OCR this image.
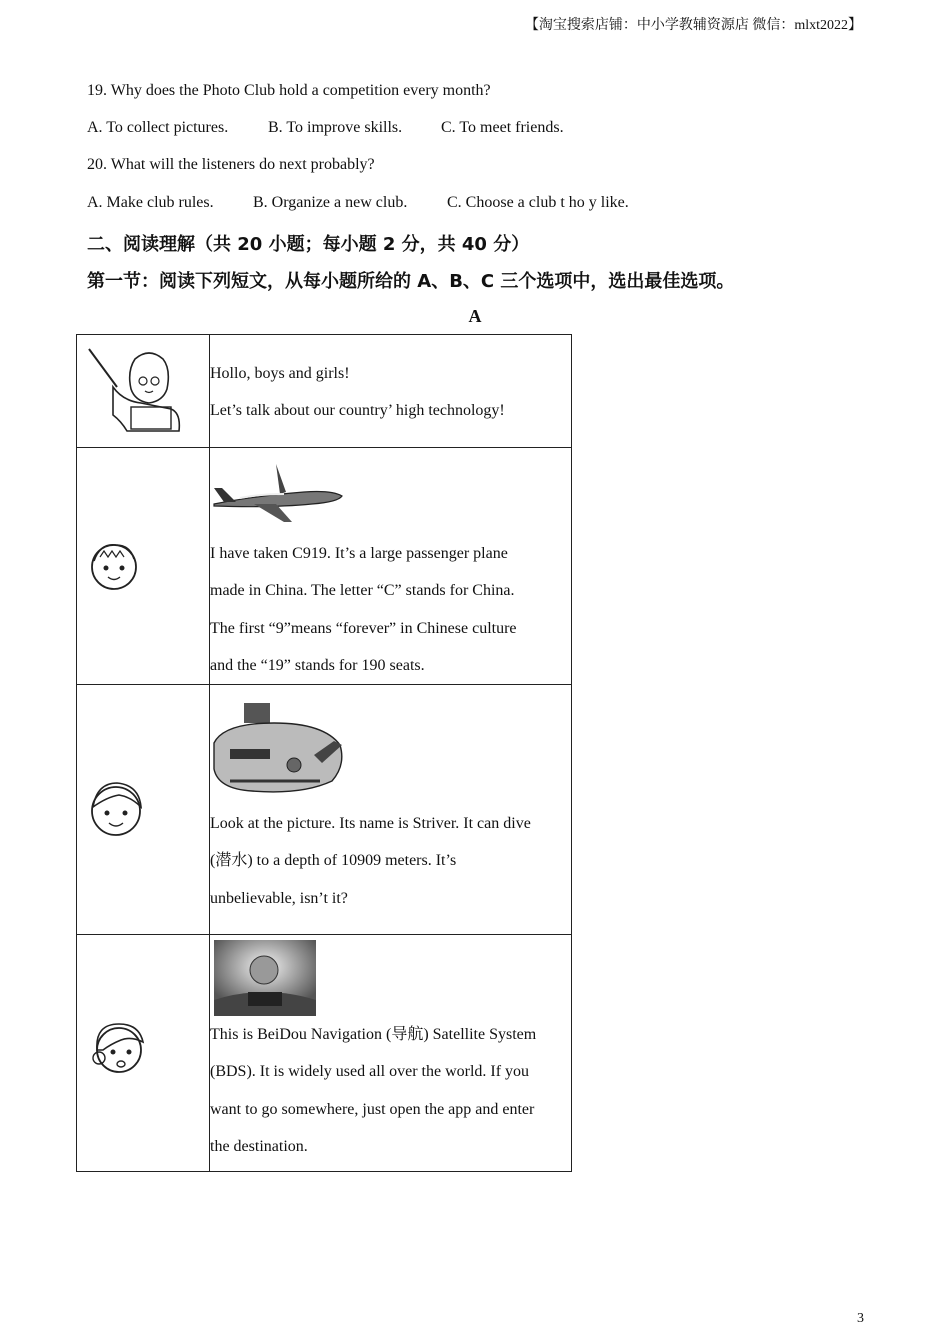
【淘宝搜索店铺：中小学教辅资源店 微信：mlxt2022】
19. Why does the Photo Club hold a competition every month?
A. To collect pictures. B. To improve skills. C. To meet friends.
20. What will the listeners do next probably?
A. Make club rules. B. Organize a new club. C. Choose a club t ho y like.
二、阅读理解（共 20 小题；每小题 2 分，共 40 分）
第一节：阅读下列短文，从每小题所给的 A、B、C 三个选项中，选出最佳选项。
A

Hollo, boys and girls!

Let’s talk about our country’ high technology!

I have taken C919. It’s a large passenger plane

made in China. The letter “C” stands for China.

The first “9”means “forever” in Chinese culture

and the “19” stands for 190 seats.

Look at the picture. Its name is Striver. It can dive

(潜水) to a depth of 10909 meters. It’s

unbelievable, isn’t it?

This is BeiDou Navigation (导航) Satellite System

(BDS). It is widely used all over the world. If you

want to go somewhere, just open the app and enter

the destination.

3
